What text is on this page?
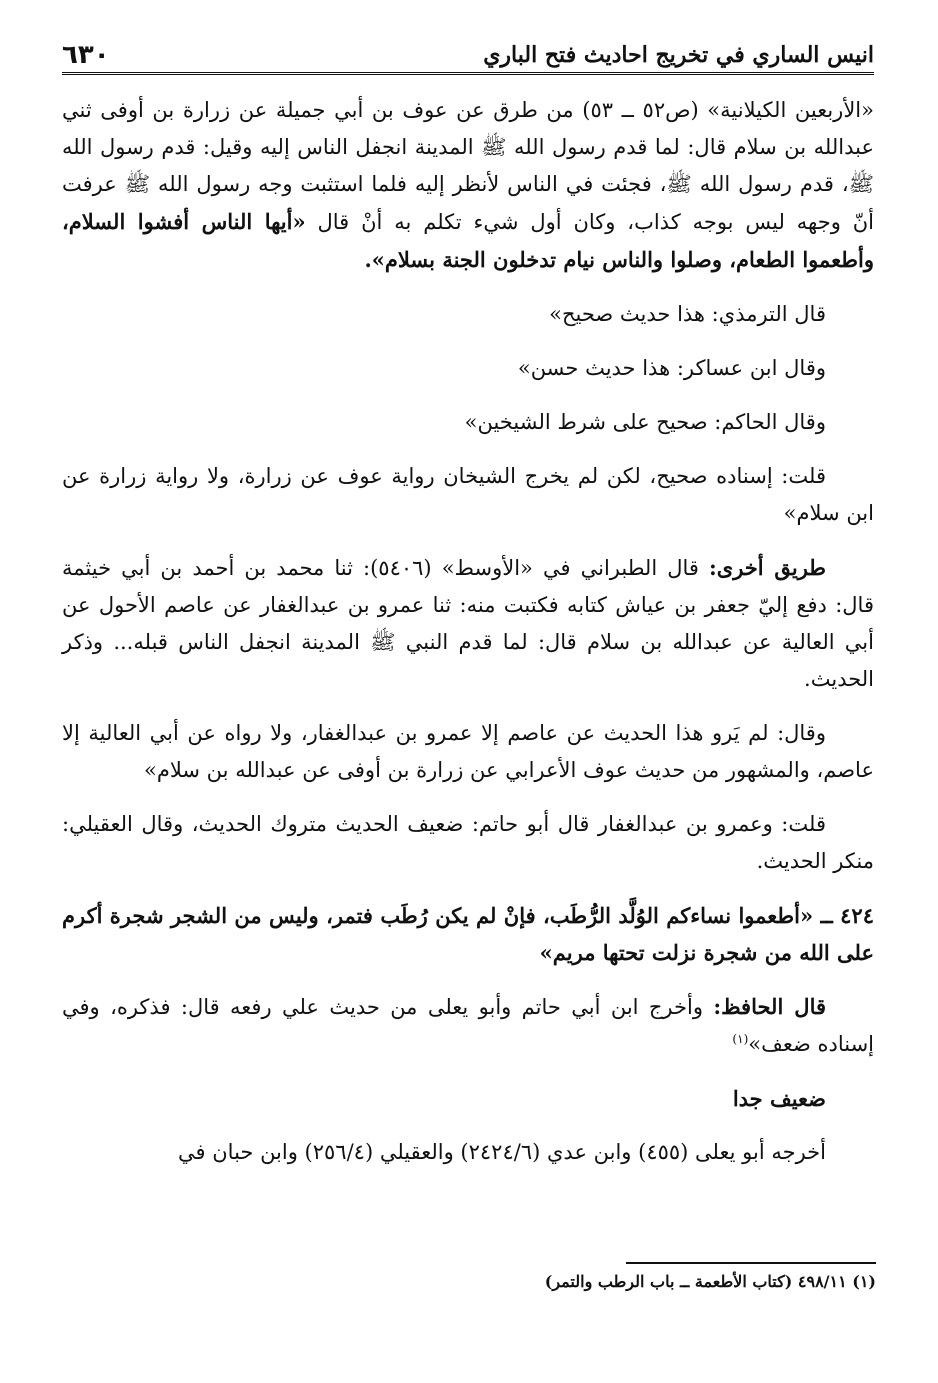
انيس الساري في تخريج احاديث فتح الباري
٦٣٠

«الأربعين الكيلانية» (ص٥٢ ــ ٥٣) من طرق عن عوف بن أبي جميلة عن زرارة بن أوفى ثني عبدالله بن سلام قال: لما قدم رسول الله ﷺ المدينة انجفل الناس إليه وقيل: قدم رسول الله ﷺ، قدم رسول الله ﷺ، فجئت في الناس لأنظر إليه فلما استثبت وجه رسول الله ﷺ عرفت أنّ وجهه ليس بوجه كذاب، وكان أول شيء تكلم به أنْ قال «أيها الناس أفشوا السلام، وأطعموا الطعام، وصلوا والناس نيام تدخلون الجنة بسلام».

قال الترمذي: هذا حديث صحيح»

وقال ابن عساكر: هذا حديث حسن»

وقال الحاكم: صحيح على شرط الشيخين»

قلت: إسناده صحيح، لكن لم يخرج الشيخان رواية عوف عن زرارة، ولا رواية زرارة عن ابن سلام»

طريق أخرى: قال الطبراني في «الأوسط» (٥٤٠٦): ثنا محمد بن أحمد بن أبي خيثمة قال: دفع إليّ جعفر بن عياش كتابه فكتبت منه: ثنا عمرو بن عبدالغفار عن عاصم الأحول عن أبي العالية عن عبدالله بن سلام قال: لما قدم النبي ﷺ المدينة انجفل الناس قبله... وذكر الحديث.

وقال: لم يَرو هذا الحديث عن عاصم إلا عمرو بن عبدالغفار، ولا رواه عن أبي العالية إلا عاصم، والمشهور من حديث عوف الأعرابي عن زرارة بن أوفى عن عبدالله بن سلام»

قلت: وعمرو بن عبدالغفار قال أبو حاتم: ضعيف الحديث متروك الحديث، وقال العقيلي: منكر الحديث.

٤٢٤ ــ «أطعموا نساءكم الوُلَّد الرُّطَب، فإنْ لم يكن رُطَب فتمر، وليس من الشجر شجرة أكرم على الله من شجرة نزلت تحتها مريم»

قال الحافظ: وأخرج ابن أبي حاتم وأبو يعلى من حديث علي رفعه قال: فذكره، وفي إسناده ضعف»$^{(١)}$

ضعيف جدا

أخرجه أبو يعلى (٤٥٥) وابن عدي (٢٤٢٤/٦) والعقيلي (٢٥٦/٤) وابن حبان في

(١) ٤٩٨/١١ (كتاب الأطعمة ــ باب الرطب والتمر)
